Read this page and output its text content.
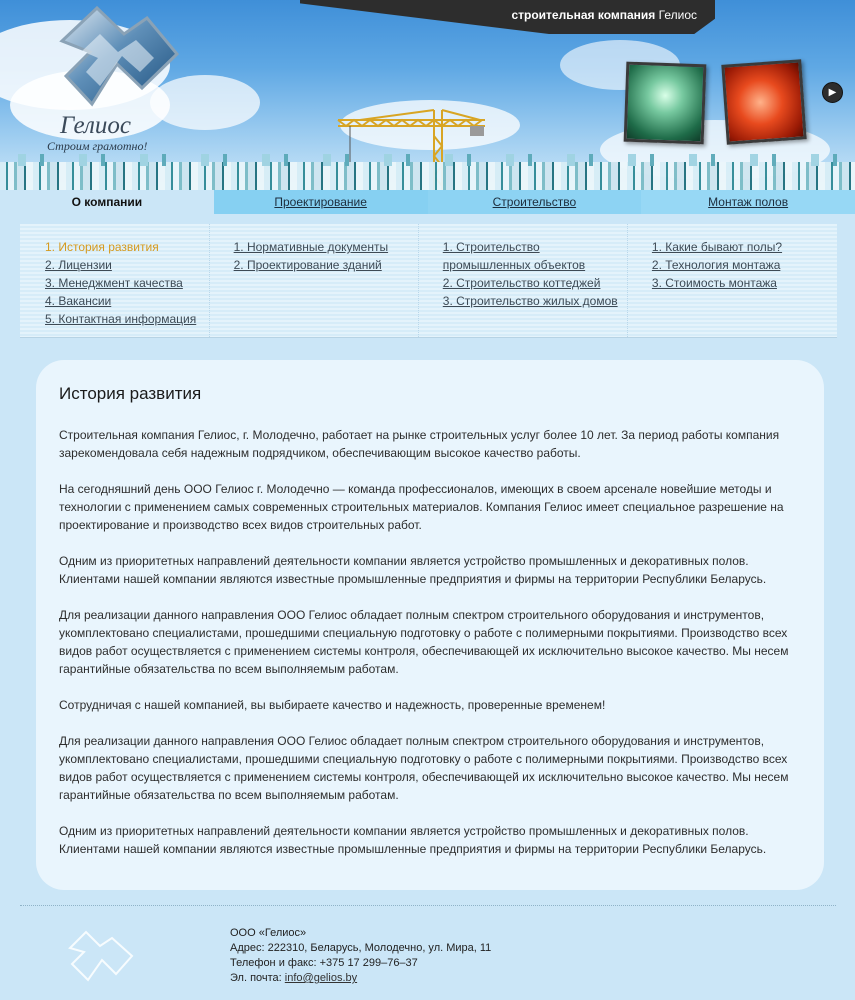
строительная компания Гелиос
Гелиос
Строим грамотно!
▶
О компании	Проектирование	Строительство	Монтаж полов
1. История развития
2. Лицензии
3. Менеджмент качества
4. Вакансии
5. Контактная информация
1. Нормативные документы
2. Проектирование зданий
1. Строительство промышленных объектов
2. Строительство коттеджей
3. Строительство жилых домов
1. Какие бывают полы?
2. Технология монтажа
3. Стоимость монтажа
История развития

Строительная компания Гелиос, г. Молодечно, работает на рынке строительных услуг более 10 лет. За период работы компания зарекомендовала себя надежным подрядчиком, обеспечивающим высокое качество работы.

На сегодняшний день ООО Гелиос г. Молодечно — команда профессионалов, имеющих в своем арсенале новейшие методы и технологии с применением самых современных строительных материалов. Компания Гелиос имеет специальное разрешение на проектирование и производство всех видов строительных работ.

Одним из приоритетных направлений деятельности компании является устройство промышленных и декоративных полов. Клиентами нашей компании являются известные промышленные предприятия и фирмы на территории Республики Беларусь.

Для реализации данного направления ООО Гелиос обладает полным спектром строительного оборудования и инструментов, укомплектовано специалистами, прошедшими специальную подготовку о работе с полимерными покрытиями. Производство всех видов работ осуществляется с применением системы контроля, обеспечивающей их исключительно высокое качество. Мы несем гарантийные обязательства по всем выполняемым работам.

Сотрудничая с нашей компанией, вы выбираете качество и надежность, проверенные временем!

Для реализации данного направления ООО Гелиос обладает полным спектром строительного оборудования и инструментов, укомплектовано специалистами, прошедшими специальную подготовку о работе с полимерными покрытиями. Производство всех видов работ осуществляется с применением системы контроля, обеспечивающей их исключительно высокое качество. Мы несем гарантийные обязательства по всем выполняемым работам.

Одним из приоритетных направлений деятельности компании является устройство промышленных и декоративных полов. Клиентами нашей компании являются известные промышленные предприятия и фирмы на территории Республики Беларусь.

ООО «Гелиос»
Адрес: 222310, Беларусь, Молодечно, ул. Мира, 11
Телефон и факс: +375 17 299–76–37
Эл. почта: info@gelios.by
